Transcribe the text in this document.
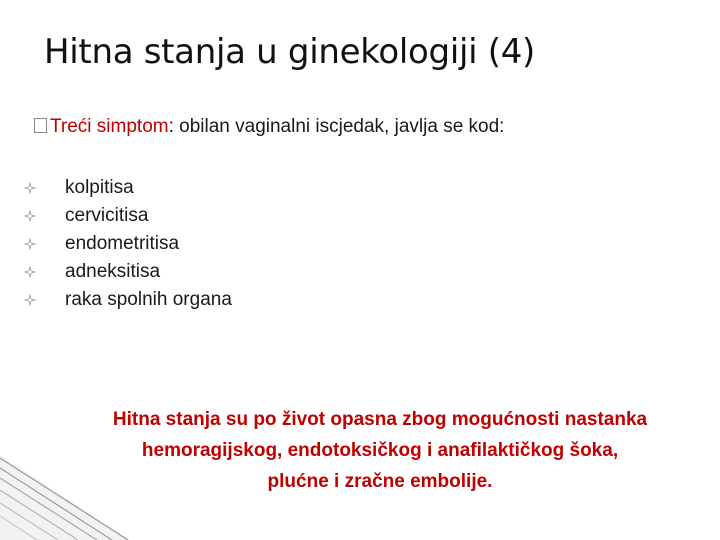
Hitna stanja u ginekologiji (4)
Treći simptom: obilan vaginalni iscjedak, javlja se kod:
kolpitisa
cervicitisa
endometritisa
adneksitisa
raka spolnih organa
Hitna stanja su po život opasna zbog mogućnosti nastanka
hemoragijskog, endotoksičkog i anafilaktičkog šoka,
plućne i zračne embolije.
